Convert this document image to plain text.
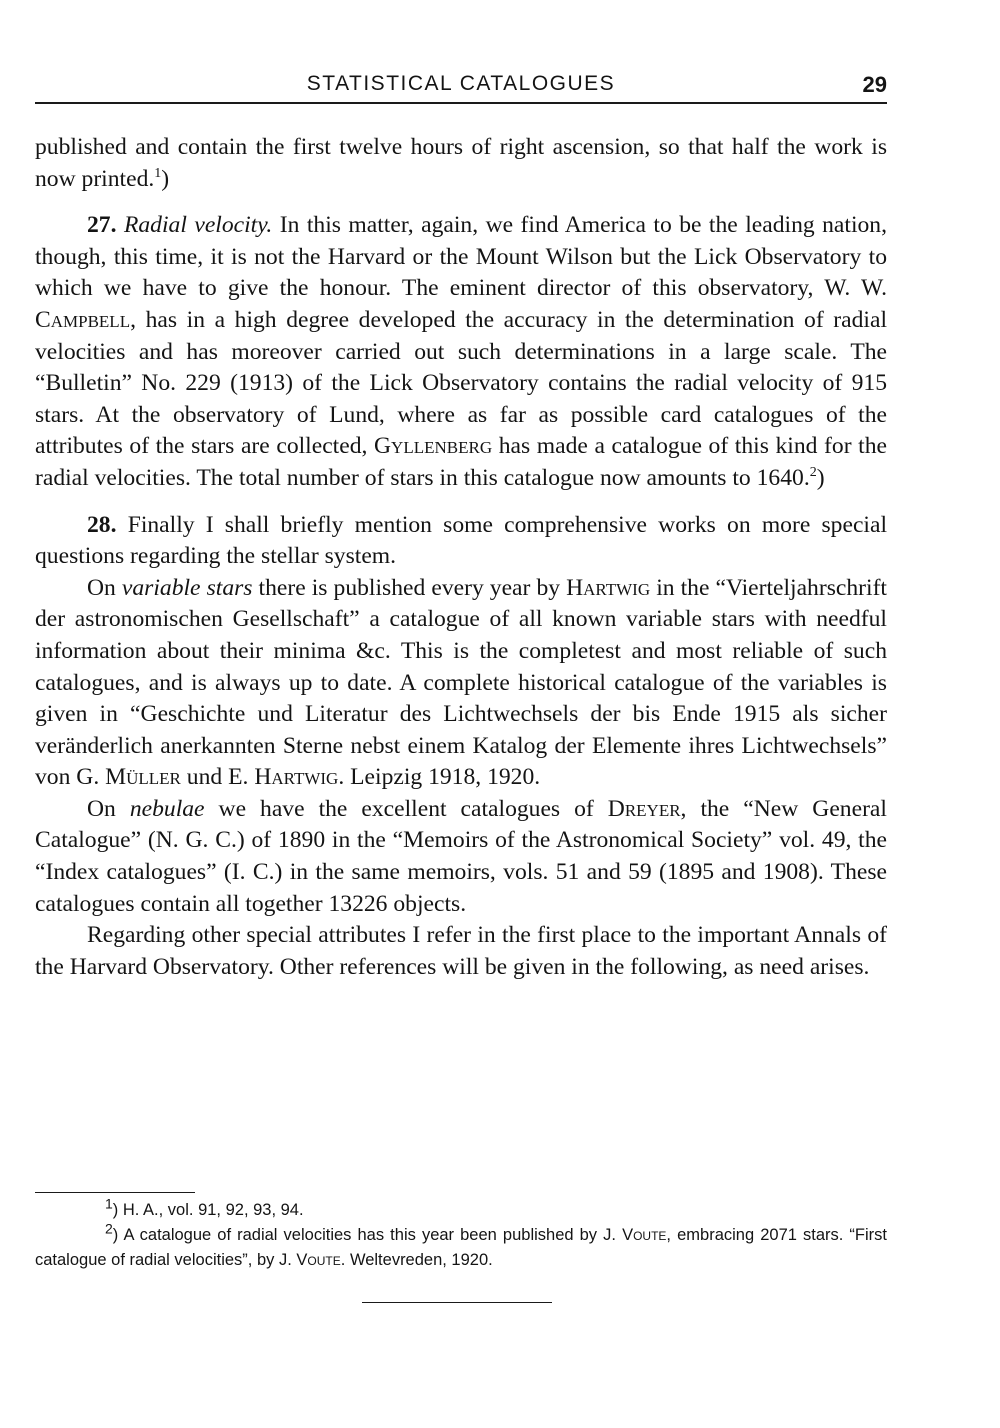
STATISTICAL CATALOGUES	29

published and contain the first twelve hours of right ascension, so that half the work is now printed.$^1$)

27. Radial velocity. In this matter, again, we find America to be the leading nation, though, this time, it is not the Harvard or the Mount Wilson but the Lick Observatory to which we have to give the honour. The eminent director of this observatory, W. W. Campbell, has in a high degree developed the accuracy in the determination of radial velocities and has moreover carried out such determinations in a large scale. The “Bulletin” No. 229 (1913) of the Lick Observatory contains the radial velocity of 915 stars. At the observatory of Lund, where as far as possible card catalogues of the attributes of the stars are collected, Gyllenberg has made a catalogue of this kind for the radial velocities. The total number of stars in this catalogue now amounts to 1640.$^2$)

28. Finally I shall briefly mention some comprehensive works on more special questions regarding the stellar system.

On variable stars there is published every year by Hartwig in the “Vierteljahrschrift der astronomischen Gesellschaft” a catalogue of all known variable stars with needful information about their minima &c. This is the completest and most reliable of such catalogues, and is always up to date. A complete historical catalogue of the variables is given in “Geschichte und Literatur des Lichtwechsels der bis Ende 1915 als sicher veränderlich anerkannten Sterne nebst einem Katalog der Elemente ihres Lichtwechsels” von G. Müller und E. Hartwig. Leipzig 1918, 1920.

On nebulae we have the excellent catalogues of Dreyer, the “New General Catalogue” (N. G. C.) of 1890 in the “Memoirs of the Astronomical Society” vol. 49, the “Index catalogues” (I. C.) in the same memoirs, vols. 51 and 59 (1895 and 1908). These catalogues contain all together 13226 objects.

Regarding other special attributes I refer in the first place to the important Annals of the Harvard Observatory. Other references will be given in the following, as need arises.

$^1$) H. A., vol. 91, 92, 93, 94.

$^2$) A catalogue of radial velocities has this year been published by J. Voute, embracing 2071 stars. “First catalogue of radial velocities”, by J. Voute. Weltevreden, 1920.
